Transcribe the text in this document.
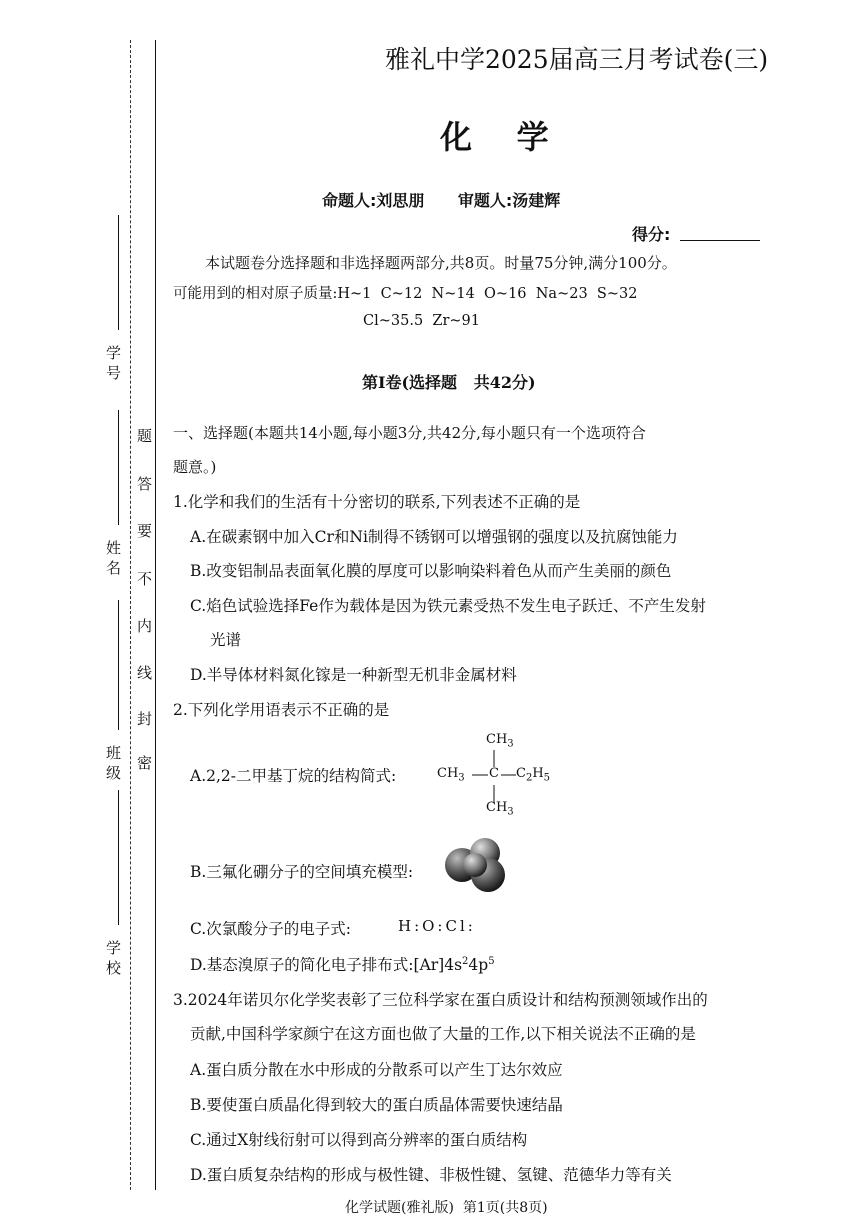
学 号
姓 名
班 级
学 校
题
答
要
不
内
线
封
密
雅礼中学2025届高三月考试卷(三)
化    学
命题人:刘思朋      审题人:汤建辉
得分:
本试题卷分选择题和非选择题两部分,共8页。时量75分钟,满分100分。
可能用到的相对原子质量:H~1  C~12  N~14  O~16  Na~23  S~32
Cl~35.5  Zr~91
第Ⅰ卷(选择题   共42分)
一、选择题(本题共14小题,每小题3分,共42分,每小题只有一个选项符合
题意。)
1.化学和我们的生活有十分密切的联系,下列表述不正确的是
A.在碳素钢中加入Cr和Ni制得不锈钢可以增强钢的强度以及抗腐蚀能力
B.改变铝制品表面氧化膜的厚度可以影响染料着色从而产生美丽的颜色
C.焰色试验选择Fe作为载体是因为铁元素受热不发生电子跃迁、不产生发射
光谱
D.半导体材料氮化镓是一种新型无机非金属材料
2.下列化学用语表示不正确的是
A.2,2-二甲基丁烷的结构简式:
$CH_3$
$CH_3$ C $C_2H_5$
$CH_3$
B.三氟化硼分子的空间填充模型:
C.次氯酸分子的电子式:	H:O:Cl:
D.基态溴原子的简化电子排布式$:[Ar]4s^24p^5$
3.2024年诺贝尔化学奖表彰了三位科学家在蛋白质设计和结构预测领域作出的
贡献,中国科学家颜宁在这方面也做了大量的工作,以下相关说法不正确的是
A.蛋白质分散在水中形成的分散系可以产生丁达尔效应
B.要使蛋白质晶化得到较大的蛋白质晶体需要快速结晶
C.通过X射线衍射可以得到高分辨率的蛋白质结构
D.蛋白质复杂结构的形成与极性键、非极性键、氢键、范德华力等有关
化学试题(雅礼版)  第1页(共8页)
